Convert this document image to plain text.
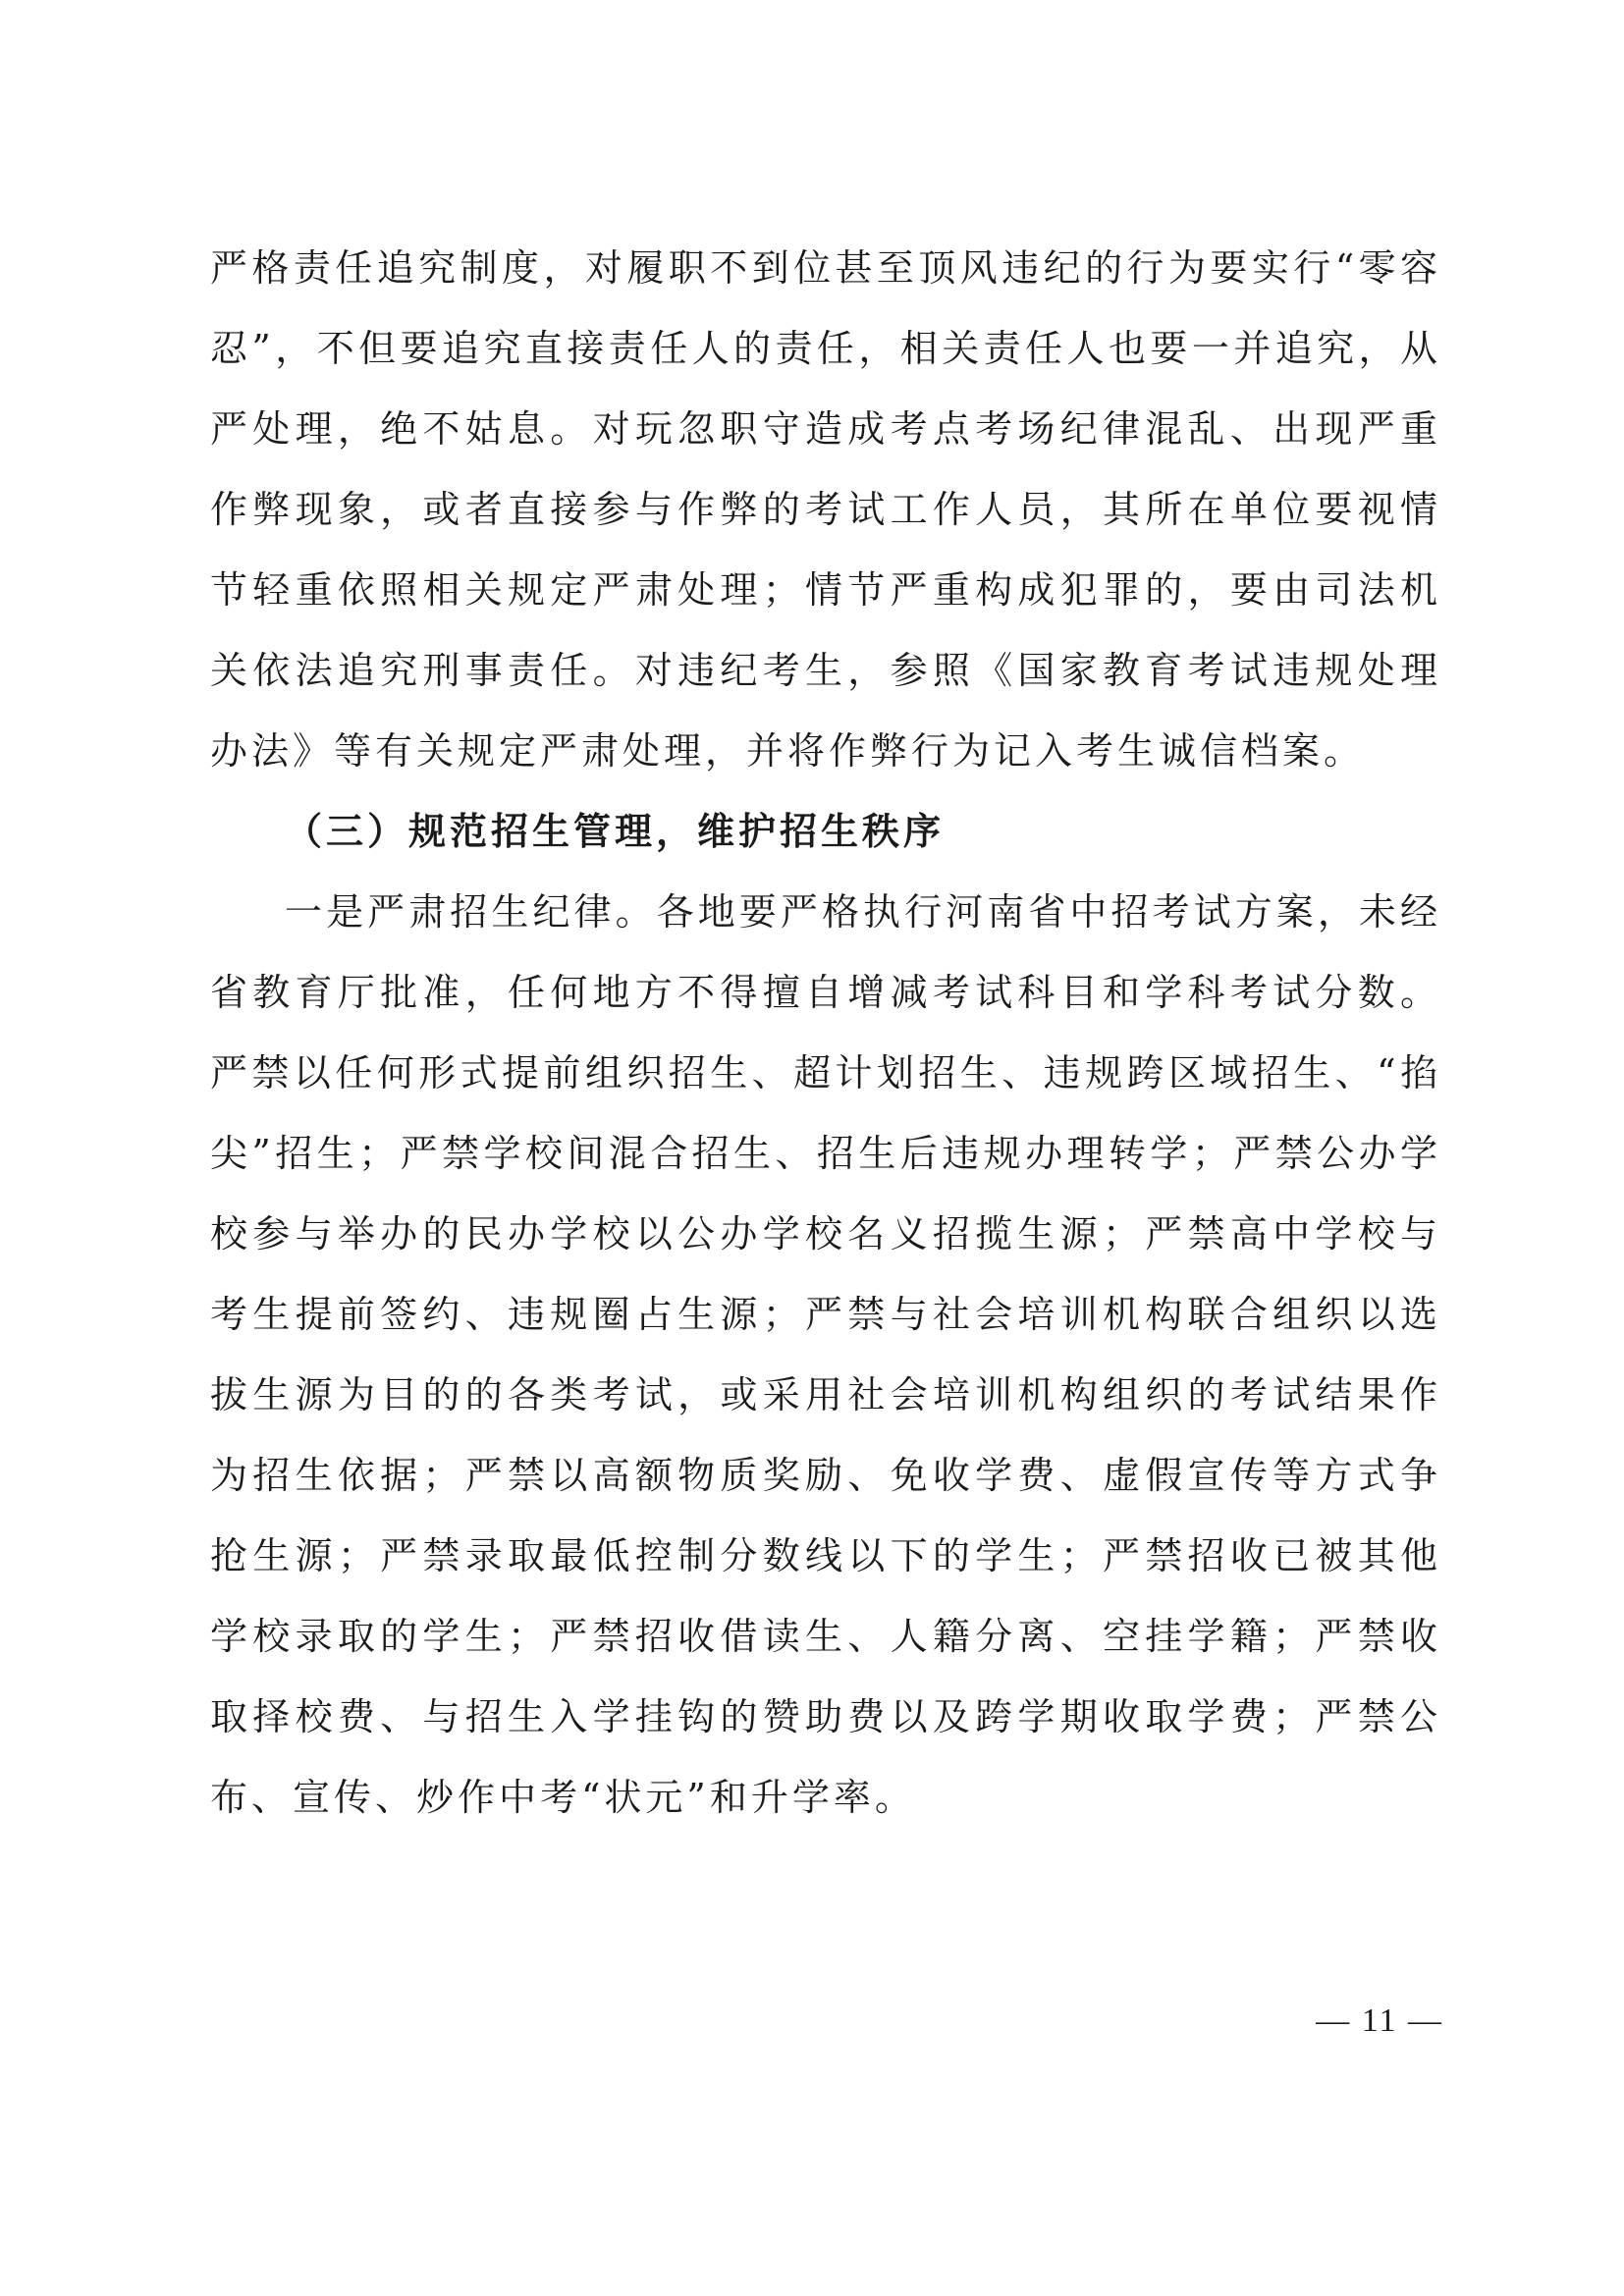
严格责任追究制度，对履职不到位甚至顶风违纪的行为要实行“零容忍”，不但要追究直接责任人的责任，相关责任人也要一并追究，从严处理，绝不姑息。对玩忽职守造成考点考场纪律混乱、出现严重作弊现象，或者直接参与作弊的考试工作人员，其所在单位要视情节轻重依照相关规定严肃处理；情节严重构成犯罪的，要由司法机关依法追究刑事责任。对违纪考生，参照《国家教育考试违规处理办法》等有关规定严肃处理，并将作弊行为记入考生诚信档案。

（三）规范招生管理，维护招生秩序

一是严肃招生纪律。各地要严格执行河南省中招考试方案，未经省教育厅批准，任何地方不得擅自增减考试科目和学科考试分数。严禁以任何形式提前组织招生、超计划招生、违规跨区域招生、“掐尖”招生；严禁学校间混合招生、招生后违规办理转学；严禁公办学校参与举办的民办学校以公办学校名义招揽生源；严禁高中学校与考生提前签约、违规圈占生源；严禁与社会培训机构联合组织以选拔生源为目的的各类考试，或采用社会培训机构组织的考试结果作为招生依据；严禁以高额物质奖励、免收学费、虚假宣传等方式争抢生源；严禁录取最低控制分数线以下的学生；严禁招收已被其他学校录取的学生；严禁招收借读生、人籍分离、空挂学籍；严禁收取择校费、与招生入学挂钩的赞助费以及跨学期收取学费；严禁公布、宣传、炒作中考“状元”和升学率。

— 11 —
